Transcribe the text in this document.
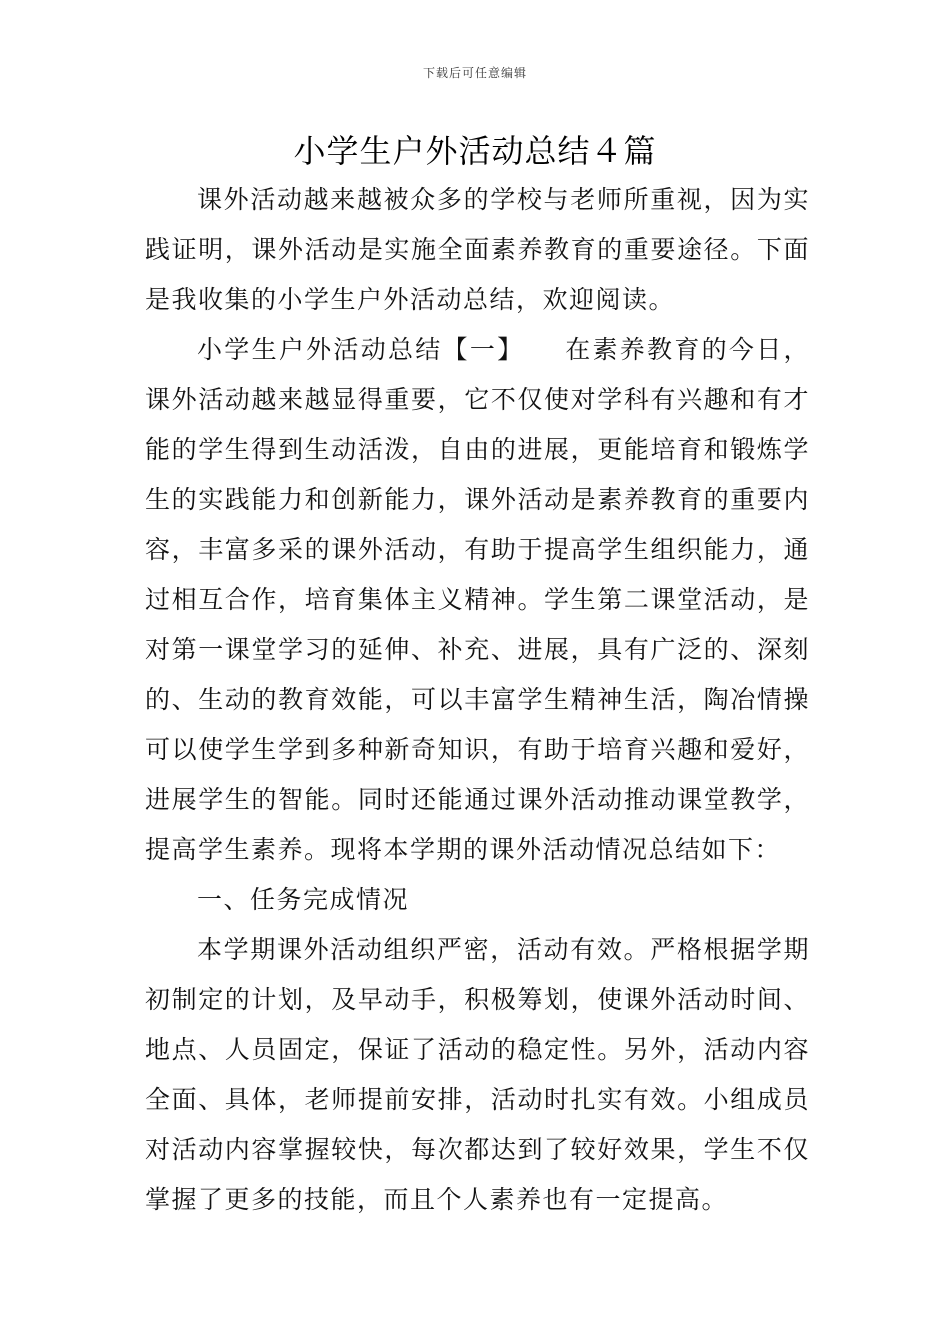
下载后可任意编辑
小学生户外活动总结４篇

课外活动越来越被众多的学校与老师所重视，因为实践证明，课外活动是实施全面素养教育的重要途径。下面是我收集的小学生户外活动总结，欢迎阅读。

小学生户外活动总结【一】 在素养教育的今日，课外活动越来越显得重要，它不仅使对学科有兴趣和有才能的学生得到生动活泼，自由的进展，更能培育和锻炼学生的实践能力和创新能力，课外活动是素养教育的重要内容，丰富多采的课外活动，有助于提高学生组织能力，通过相互合作，培育集体主义精神。学生第二课堂活动，是对第一课堂学习的延伸、补充、进展，具有广泛的、深刻的、生动的教育效能，可以丰富学生精神生活，陶冶情操可以使学生学到多种新奇知识，有助于培育兴趣和爱好，进展学生的智能。同时还能通过课外活动推动课堂教学，提高学生素养。现将本学期的课外活动情况总结如下：

一、任务完成情况

本学期课外活动组织严密，活动有效。严格根据学期初制定的计划，及早动手，积极筹划，使课外活动时间、地点、人员固定，保证了活动的稳定性。另外，活动内容全面、具体，老师提前安排，活动时扎实有效。小组成员对活动内容掌握较快，每次都达到了较好效果，学生不仅掌握了更多的技能，而且个人素养也有一定提高。
